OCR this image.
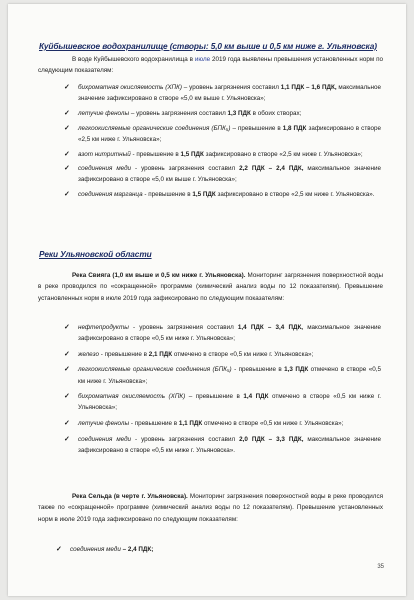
Куйбышевское водохранилище (створы: 5,0 км выше и 0,5 км ниже г. Ульяновска)

В воде Куйбышевского водохранилища в июле 2019 года выявлены превышения установленных норм по следующим показателям:

✓ бихроматная окисляемость (ХПК) – уровень загрязнения составил 1,1 ПДК – 1,6 ПДК, максимальное значение зафиксировано в створе «5,0 км выше г. Ульяновска»;
✓ летучие фенолы – уровень загрязнения составил 1,3 ПДК в обоих створах;
✓ легкоокисляемые органические соединения (БПК₅) – превышение в 1,8 ПДК зафиксировано в створе «2,5 км ниже г. Ульяновска»;
✓ азот нитритный - превышение в 1,5 ПДК зафиксировано в створе «2,5 км ниже г. Ульяновска»;
✓ соединения меди - уровень загрязнения составил 2,2 ПДК – 2,4 ПДК, максимальное значение зафиксировано в створе «5,0 км выше г. Ульяновска»;
✓ соединения марганца - превышение в 1,5 ПДК зафиксировано в створе «2,5 км ниже г. Ульяновска».
Реки Ульяновской области

Река Свияга (1,0 км выше и 0,5 км ниже г. Ульяновска). Мониторинг загрязнения поверхностной воды в реке проводился по «сокращенной» программе (химический анализ воды по 12 показателям). Превышение установленных норм в июле 2019 года зафиксировано по следующим показателям:

✓ нефтепродукты - уровень загрязнения составил 1,4 ПДК – 3,4 ПДК, максимальное значение зафиксировано в створе «0,5 км ниже г. Ульяновска»;
✓ железо - превышение в 2,1 ПДК отмечено в створе «0,5 км ниже г. Ульяновска»;
✓ легкоокисляемые органические соединения (БПК₅) - превышение в 1,3 ПДК отмечено в створе «0,5 км ниже г. Ульяновска»;
✓ бихроматная окисляемость (ХПК) – превышение в 1,4 ПДК отмечено в створе «0,5 км ниже г. Ульяновска»;
✓ летучие фенолы - превышение в 1,1 ПДК отмечено в створе «0,5 км ниже г. Ульяновска»;
✓ соединения меди - уровень загрязнения составил 2,0 ПДК – 3,3 ПДК, максимальное значение зафиксировано в створе «0,5 км ниже г. Ульяновска».

Река Сельда (в черте г. Ульяновска). Мониторинг загрязнения поверхностной воды в реке проводился также по «сокращенной» программе (химический анализ воды по 12 показателям). Превышение установленных норм в июле 2019 года зафиксировано по следующим показателям:

✓ соединения меди – 2,4 ПДК;
35
